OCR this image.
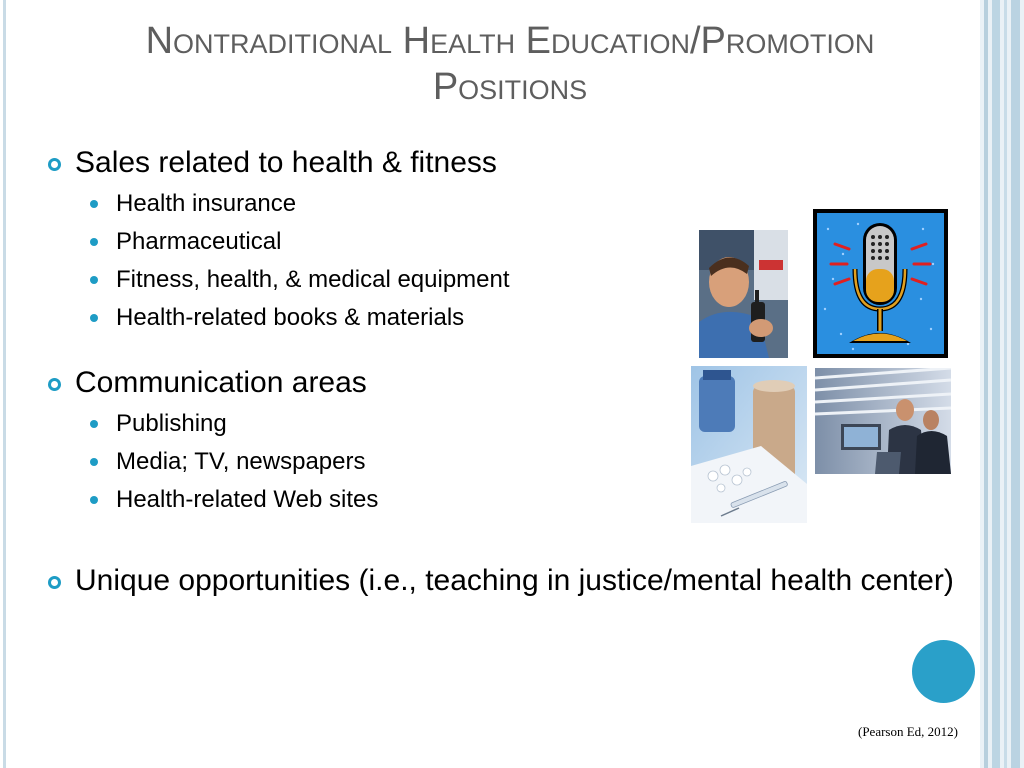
Nontraditional Health Education/Promotion
Positions
Sales related to health & fitness
Health insurance
Pharmaceutical
Fitness, health, & medical equipment
Health-related books & materials
Communication areas
Publishing
Media; TV, newspapers
Health-related Web sites
Unique opportunities (i.e., teaching in justice/mental health center)
(Pearson Ed, 2012)
